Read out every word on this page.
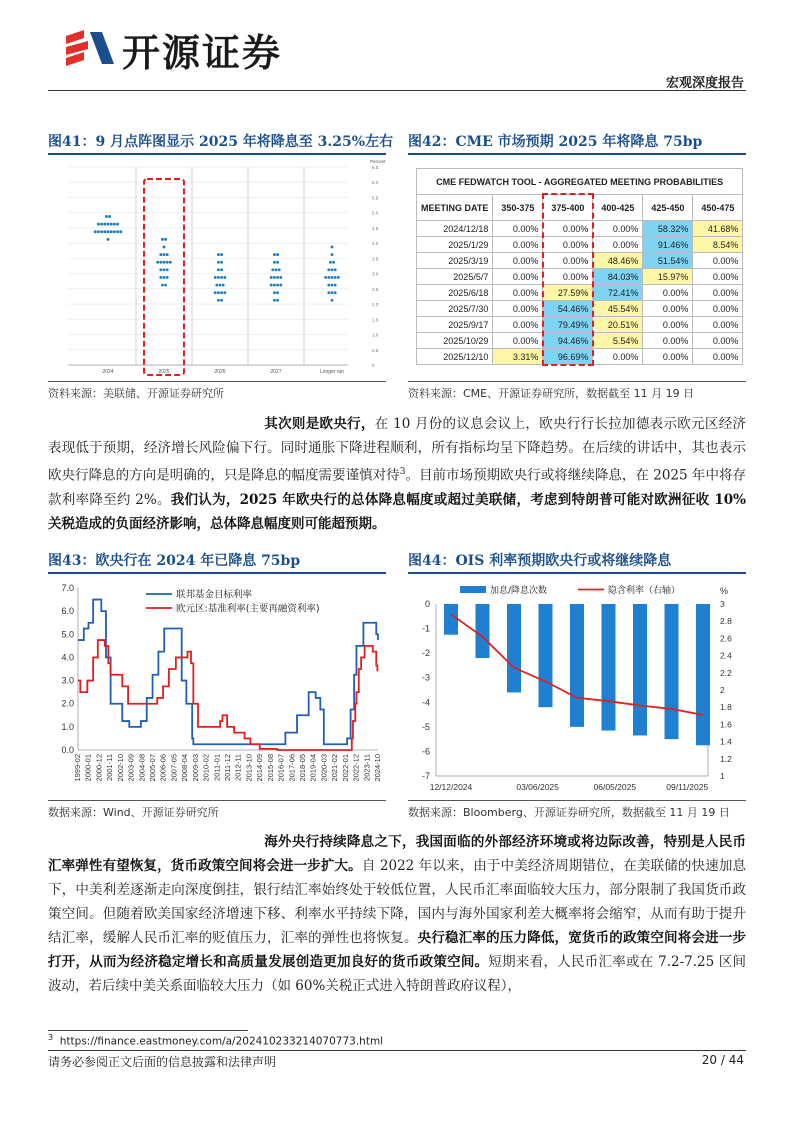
开源证券
宏观深度报告
图41：9 月点阵图显示 2025 年将降息至 3.25%左右
6.5
6.0
5.5
5.0
4.5
4.0
3.5
3.0
2.5
2.0
1.5
1.0
0.5
0
Percent
2024	2025	2026	2027	Longer run
资料来源：美联储、开源证券研究所
图42：CME 市场预期 2025 年将降息 75bp
CME FEDWATCH TOOL - AGGREGATED MEETING PROBABILITIES					
MEETING DATE	350-375	375-400	400-425	425-450	450-475
2024/12/18	0.00%	0.00%	0.00%	58.32%	41.68%
2025/1/29	0.00%	0.00%	0.00%	91.46%	8.54%
2025/3/19	0.00%	0.00%	48.46%	51.54%	0.00%
2025/5/7	0.00%	0.00%	84.03%	15.97%	0.00%
2025/6/18	0.00%	27.59%	72.41%	0.00%	0.00%
2025/7/30	0.00%	54.46%	45.54%	0.00%	0.00%
2025/9/17	0.00%	79.49%	20.51%	0.00%	0.00%
2025/10/29	0.00%	94.46%	5.54%	0.00%	0.00%
2025/12/10	3.31%	96.69%	0.00%	0.00%	0.00%
资料来源：CME、开源证券研究所，数据截至 11 月 19 日
其次则是欧央行，在 10 月份的议息会议上，欧央行行长拉加德表示欧元区经济表现低于预期，经济增长风险偏下行。同时通胀下降进程顺利，所有指标均呈下降趋势。在后续的讲话中，其也表示欧央行降息的方向是明确的，只是降息的幅度需要谨慎对待$^3$。目前市场预期欧央行或将继续降息，在 2025 年中将存款利率降至约 2%。我们认为，2025 年欧央行的总体降息幅度或超过美联储，考虑到特朗普可能对欧洲征收 10%关税造成的负面经济影响，总体降息幅度则可能超预期。
图43：欧央行在 2024 年已降息 75bp
7.0
6.0
5.0
4.0
3.0
2.0
1.0
0.0
1999-02 2000-01 2000-12 2001-11 2002-10 2003-09 2004-08 2005-07 2006-06 2007-05 2008-04 2009-03 2010-02 2011-01 2011-12 2012-11 2013-10 2014-09 2015-08 2016-07 2017-06 2018-05 2019-04 2020-03 2021-02 2022-01 2022-12 2023-11 2024-10
联邦基金目标利率
欧元区:基准利率(主要再融资利率)
数据来源：Wind、开源证券研究所
图44：OIS 利率预期欧央行或将继续降息
0
-1
-2
-3
-4
-5
-6
-7
3
2.8
2.6
2.4
2.2
2
1.8
1.6
1.4
1.2
1
%
12/12/2024	03/06/2025	06/05/2025	09/11/2025
加息/降息次数	隐含利率（右轴）
数据来源：Bloomberg、开源证券研究所，数据截至 11 月 19 日
海外央行持续降息之下，我国面临的外部经济环境或将边际改善，特别是人民币汇率弹性有望恢复，货币政策空间将会进一步扩大。自 2022 年以来，由于中美经济周期错位，在美联储的快速加息下，中美利差逐渐走向深度倒挂，银行结汇率始终处于较低位置，人民币汇率面临较大压力，部分限制了我国货币政策空间。但随着欧美国家经济增速下移、利率水平持续下降，国内与海外国家利差大概率将会缩窄，从而有助于提升结汇率，缓解人民币汇率的贬值压力，汇率的弹性也将恢复。央行稳汇率的压力降低，宽货币的政策空间将会进一步打开，从而为经济稳定增长和高质量发展创造更加良好的货币政策空间。短期来看，人民币汇率或在 7.2-7.25 区间波动，若后续中美关系面临较大压力（如 60%关税正式进入特朗普政府议程），
$^3$ https://finance.eastmoney.com/a/202410233214070773.html
请务必参阅正文后面的信息披露和法律声明	20 / 44
